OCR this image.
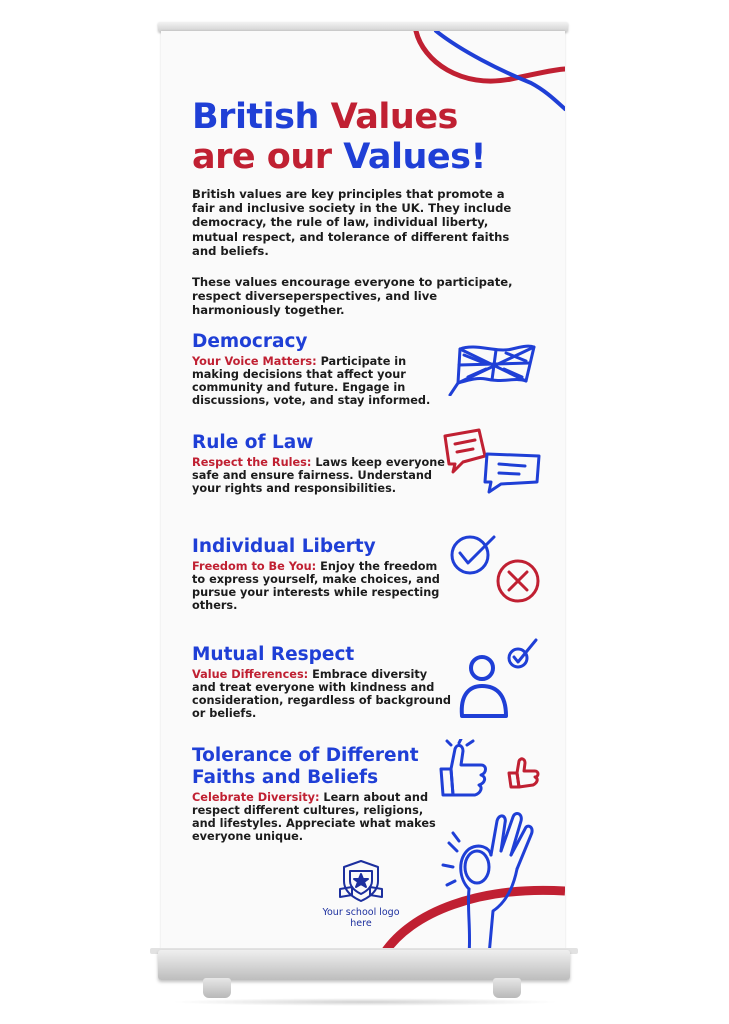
British Values
are our Values!

British values are key principles that promote a fair and inclusive society in the UK. They include democracy, the rule of law, individual liberty, mutual respect, and tolerance of different faiths and beliefs.

These values encourage everyone to participate, respect diverseperspectives, and live harmoniously together.

Democracy

Your Voice Matters: Participate in making decisions that affect your community and future. Engage in discussions, vote, and stay informed.

Rule of Law

Respect the Rules: Laws keep everyone safe and ensure fairness. Understand your rights and responsibilities.

Individual Liberty

Freedom to Be You: Enjoy the freedom to express yourself, make choices, and pursue your interests while respecting others.

Mutual Respect

Value Differences: Embrace diversity and treat everyone with kindness and consideration, regardless of background or beliefs.

Tolerance of Different Faiths and Beliefs

Celebrate Diversity: Learn about and respect different cultures, religions, and lifestyles. Appreciate what makes everyone unique.

Your school logo here
